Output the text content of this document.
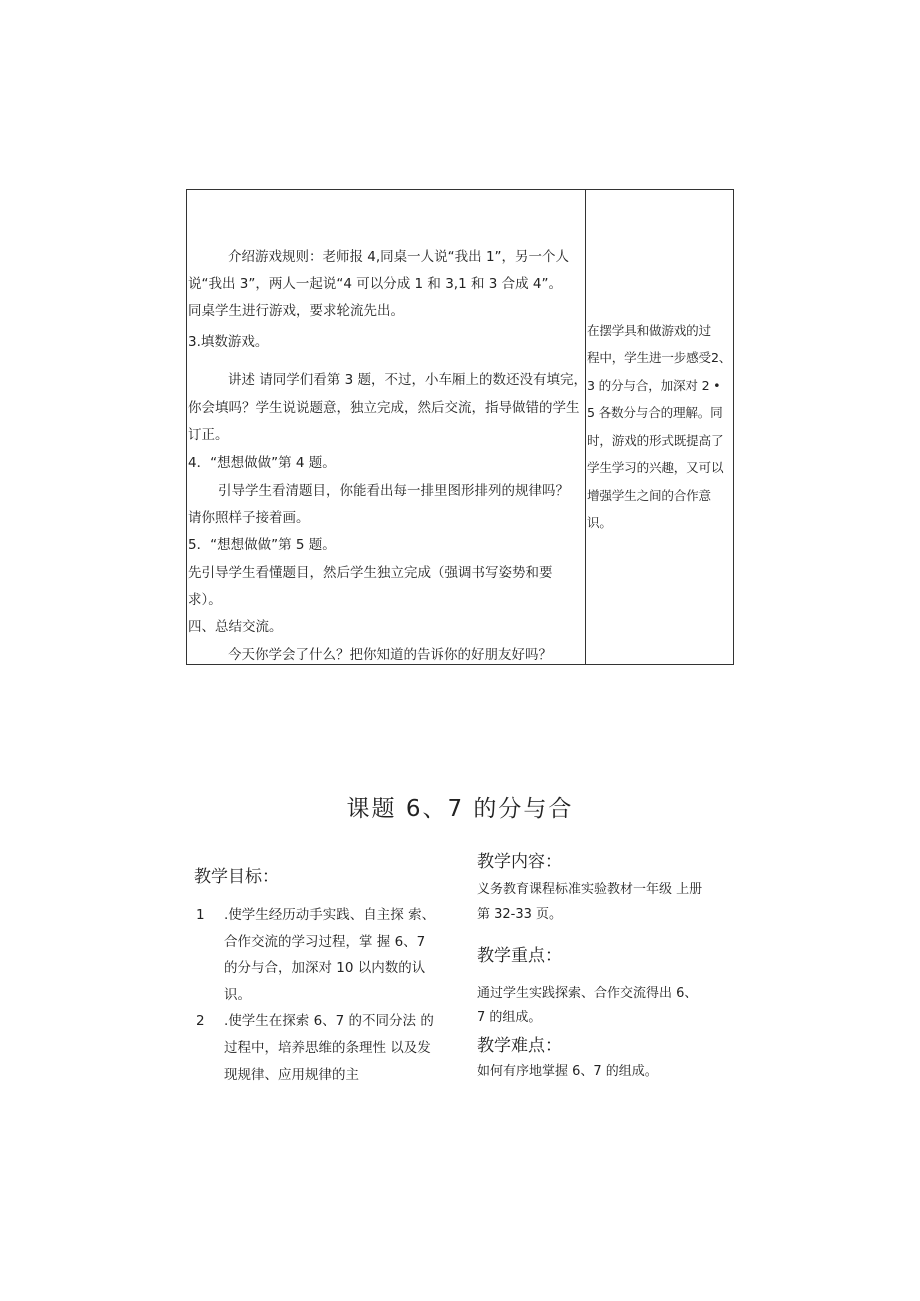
介绍游戏规则：老师报 4,同桌一人说“我出 1”，另一个人
说“我出 3”，两人一起说“4 可以分成 1 和 3,1 和 3 合成 4”。
同桌学生进行游戏，要求轮流先出。
3.填数游戏。
讲述 请同学们看第 3 题，不过，小车厢上的数还没有填完，
你会填吗？学生说说题意，独立完成，然后交流，指导做错的学生
订正。
4．“想想做做”第 4 题。
引导学生看清题目，你能看出每一排里图形排列的规律吗？
请你照样子接着画。
5．“想想做做”第 5 题。
先引导学生看懂题目，然后学生独立完成（强调书写姿势和要
求）。
四、总结交流。
今天你学会了什么？把你知道的告诉你的好朋友好吗？
在摆学具和做游戏的过
程中，学生进一步感受2、
3 的分与合，加深对 2 •
5 各数分与合的理解。同
时，游戏的形式既提高了
学生学习的兴趣，又可以
增强学生之间的合作意
识。
课题 6、7 的分与合
教学目标：
1 .使学生经历动手实践、自主探 索、
合作交流的学习过程，掌 握 6、7
的分与合，加深对 10 以内数的认
识。
2 .使学生在探索 6、7 的不同分法 的
过程中，培养思维的条理性 以及发
现规律、应用规律的主
教学内容：
义务教育课程标准实验教材一年级 上册
第 32-33 页。
教学重点：
通过学生实践探索、合作交流得出 6、
7 的组成。
教学难点：
如何有序地掌握 6、7 的组成。
